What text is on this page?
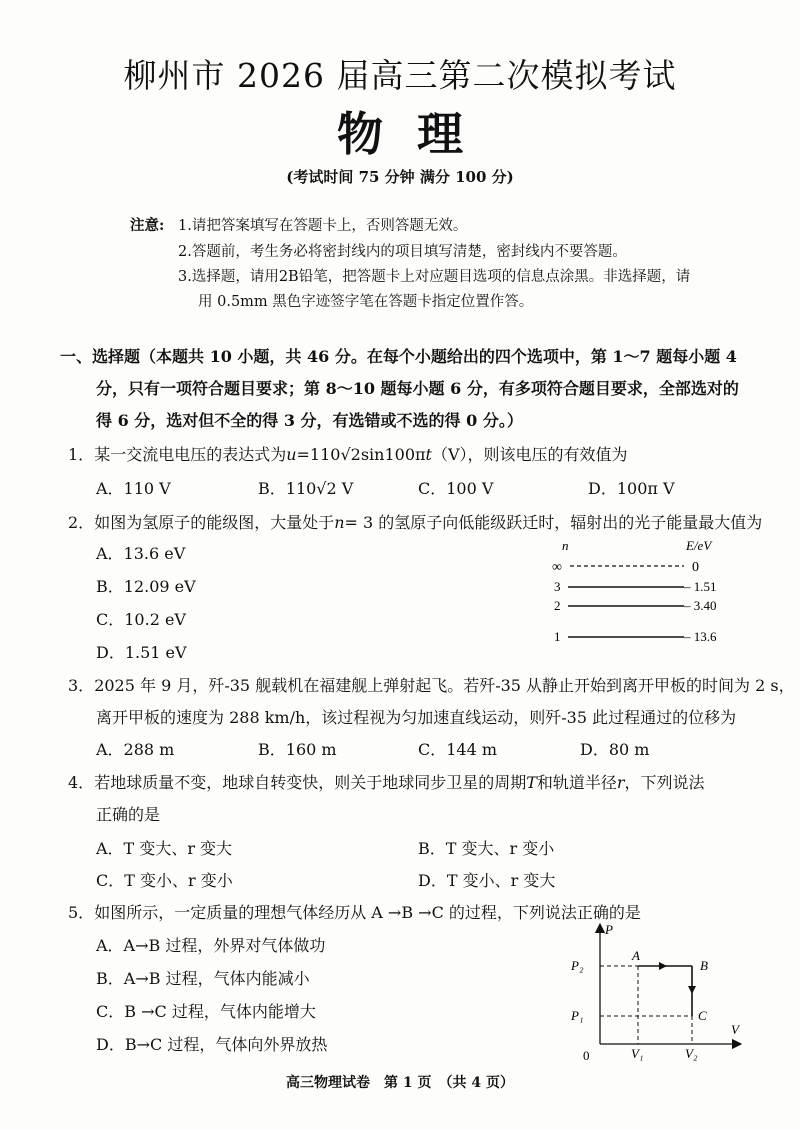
柳州市 2026 届高三第二次模拟考试
物理
(考试时间 75 分钟 满分 100 分)
注意: 1.请把答案填写在答题卡上，否则答题无效。
2.答题前，考生务必将密封线内的项目填写清楚，密封线内不要答题。
3.选择题，请用2B铅笔，把答题卡上对应题目选项的信息点涂黑。非选择题，请
用 0.5mm 黑色字迹签字笔在答题卡指定位置作答。
一、选择题（本题共 10 小题，共 46 分。在每个小题给出的四个选项中，第 1～7 题每小题 4
分，只有一项符合题目要求；第 8～10 题每小题 6 分，有多项符合题目要求，全部选对的
得 6 分，选对但不全的得 3 分，有选错或不选的得 0 分。）
1．某一交流电电压的表达式为u=110√2sin100πt（V），则该电压的有效值为
A．110 V	B．110√2 V	C．100 V	D．100π V
2．如图为氢原子的能级图，大量处于n= 3 的氢原子向低能级跃迁时，辐射出的光子能量最大值为
A．13.6 eV
B．12.09 eV
C．10.2 eV
D．1.51 eV
n	E/eV
∞	0
3	– 1.51
2	– 3.40
1	– 13.6
3．2025 年 9 月，歼-35 舰载机在福建舰上弹射起飞。若歼-35 从静止开始到离开甲板的时间为 2 s，
离开甲板的速度为 288 km/h，该过程视为匀加速直线运动，则歼-35 此过程通过的位移为
A．288 m	B．160 m	C．144 m	D．80 m
4．若地球质量不变，地球自转变快，则关于地球同步卫星的周期T和轨道半径r，下列说法
正确的是
A．T 变大、r 变大	B．T 变大、r 变小
C．T 变小、r 变小	D．T 变小、r 变大
5．如图所示，一定质量的理想气体经历从 A →B →C 的过程，下列说法正确的是
A．A→B 过程，外界对气体做功
B．A→B 过程，气体内能减小
C．B →C 过程，气体内能增大
D．B→C 过程，气体向外界放热
P
V
0
P₂
P₁
V₁	V₂
A
B
C
高三物理试卷　第 1 页　（共 4 页）
